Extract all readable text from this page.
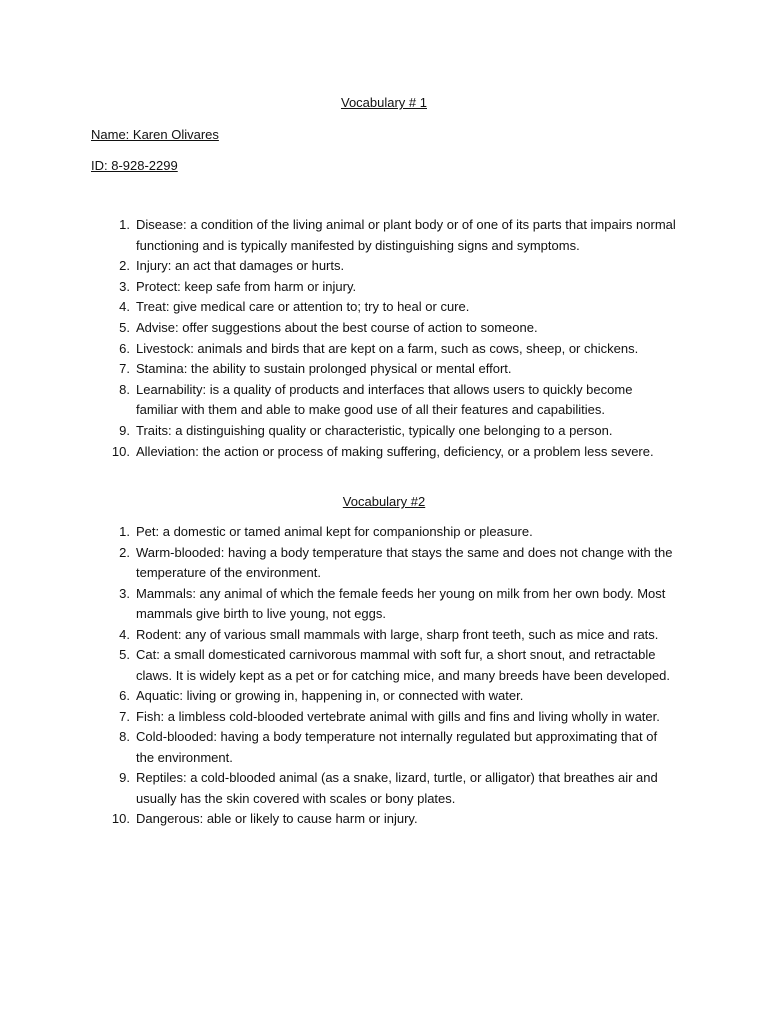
Vocabulary # 1
Name: Karen Olivares
ID: 8-928-2299
1. Disease: a condition of the living animal or plant body or of one of its parts that impairs normal functioning and is typically manifested by distinguishing signs and symptoms.
2. Injury: an act that damages or hurts.
3. Protect: keep safe from harm or injury.
4. Treat: give medical care or attention to; try to heal or cure.
5. Advise: offer suggestions about the best course of action to someone.
6. Livestock: animals and birds that are kept on a farm, such as cows, sheep, or chickens.
7. Stamina: the ability to sustain prolonged physical or mental effort.
8. Learnability: is a quality of products and interfaces that allows users to quickly become familiar with them and able to make good use of all their features and capabilities.
9. Traits: a distinguishing quality or characteristic, typically one belonging to a person.
10. Alleviation: the action or process of making suffering, deficiency, or a problem less severe.
Vocabulary #2
1. Pet: a domestic or tamed animal kept for companionship or pleasure.
2. Warm-blooded: having a body temperature that stays the same and does not change with the temperature of the environment.
3. Mammals: any animal of which the female feeds her young on milk from her own body. Most mammals give birth to live young, not eggs.
4. Rodent: any of various small mammals with large, sharp front teeth, such as mice and rats.
5. Cat: a small domesticated carnivorous mammal with soft fur, a short snout, and retractable claws. It is widely kept as a pet or for catching mice, and many breeds have been developed.
6. Aquatic: living or growing in, happening in, or connected with water.
7. Fish: a limbless cold-blooded vertebrate animal with gills and fins and living wholly in water.
8. Cold-blooded: having a body temperature not internally regulated but approximating that of the environment.
9. Reptiles: a cold-blooded animal (as a snake, lizard, turtle, or alligator) that breathes air and usually has the skin covered with scales or bony plates.
10. Dangerous: able or likely to cause harm or injury.
